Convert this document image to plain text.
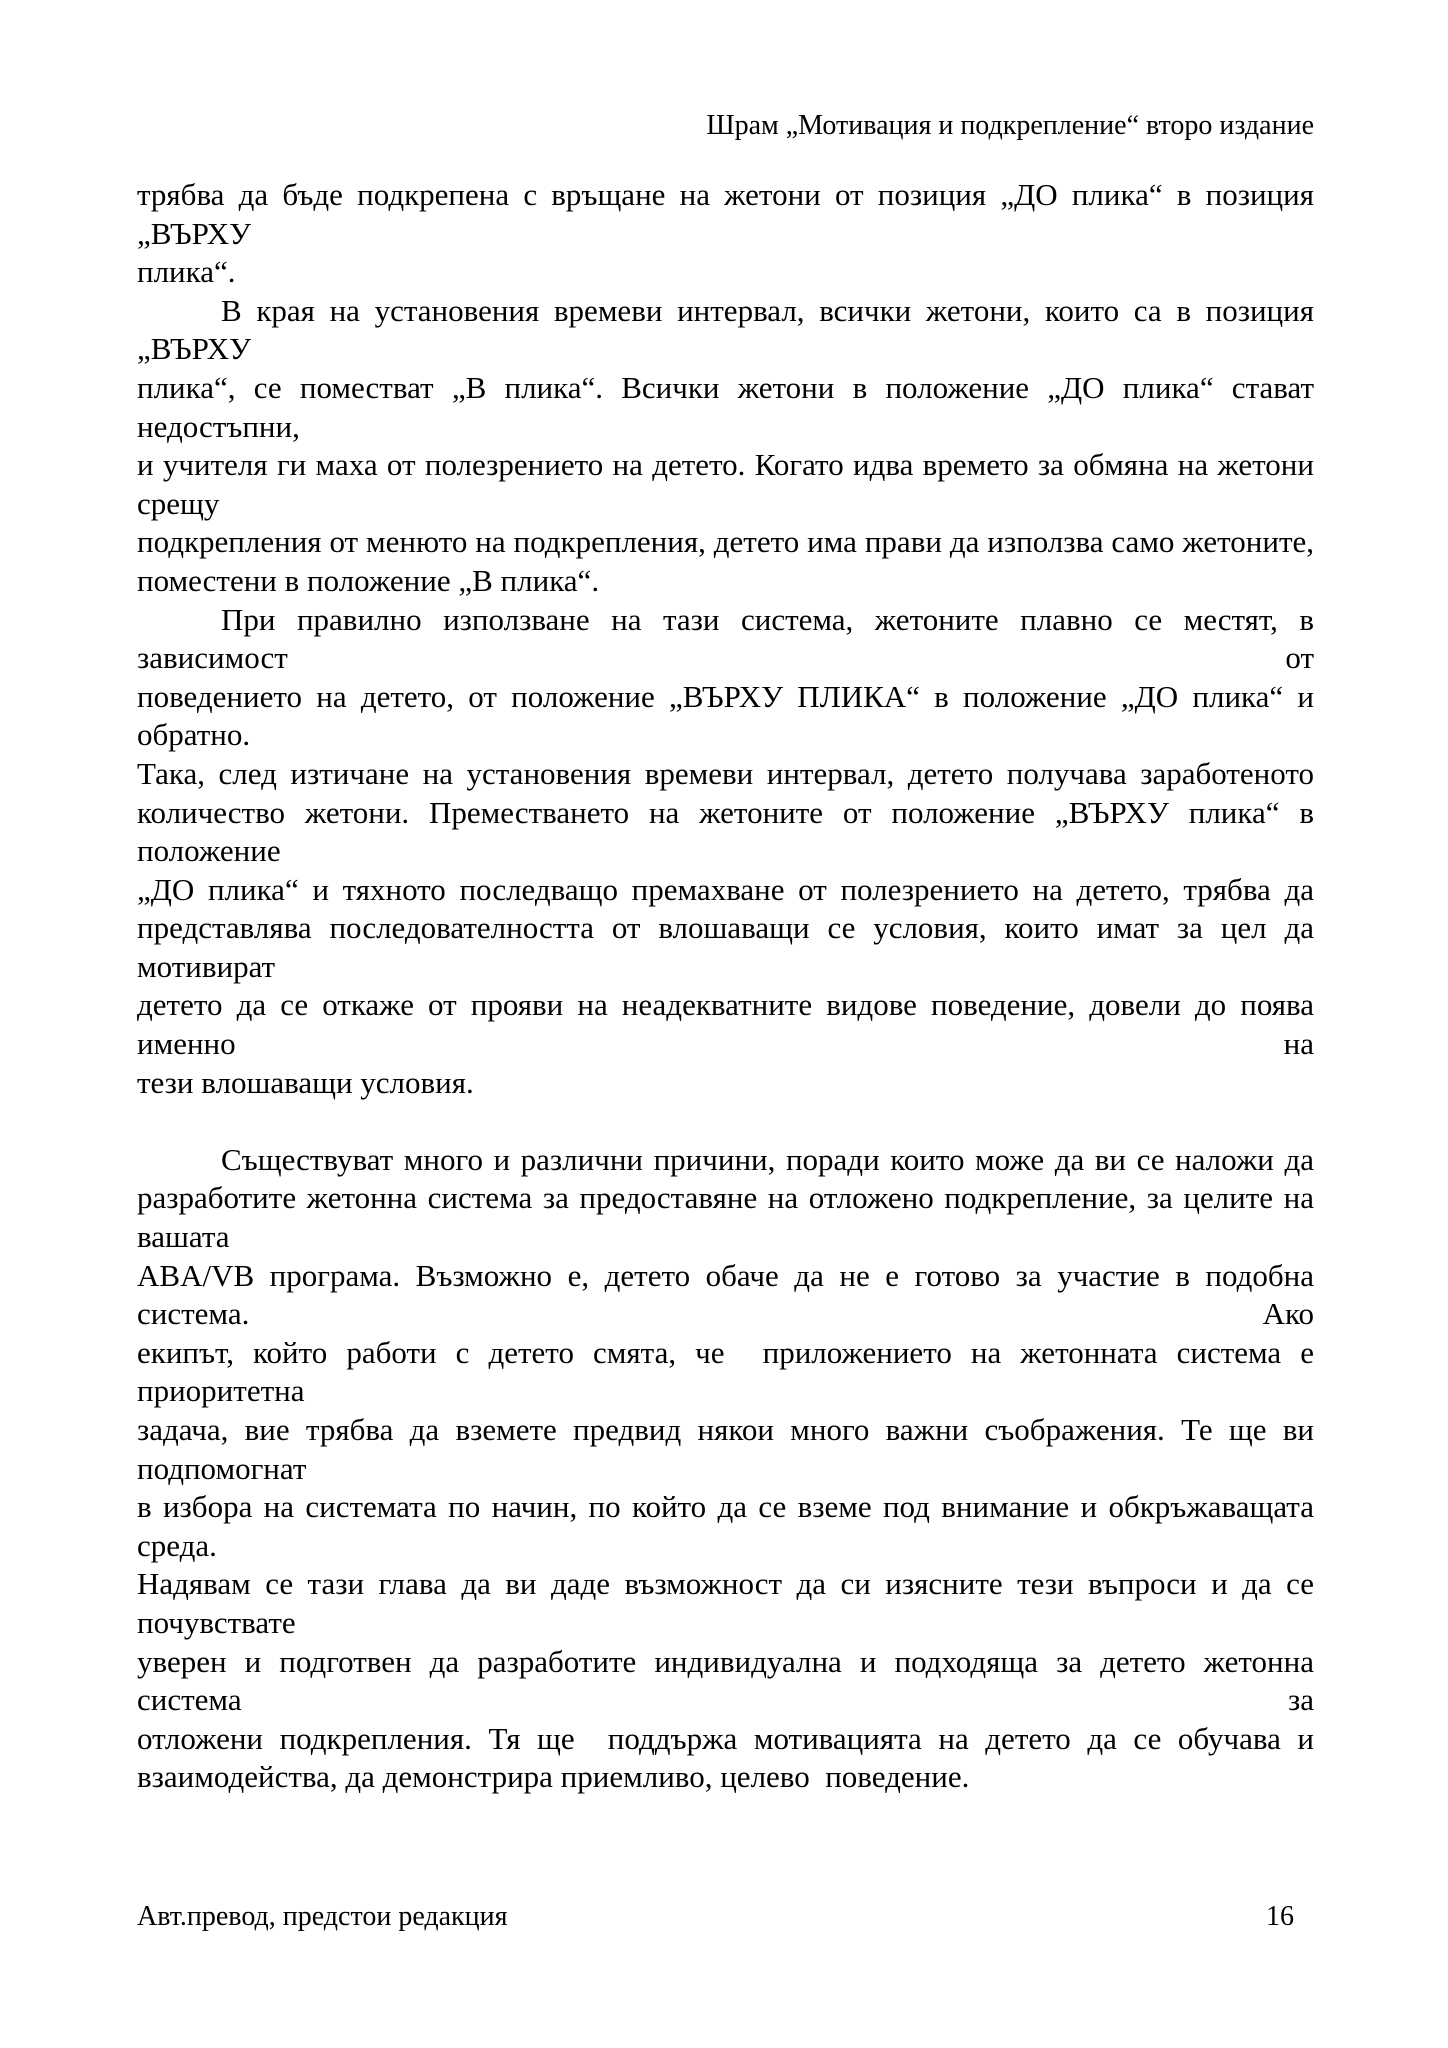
Шрам „Мотивация и подкрепление“ второ издание
трябва да бъде подкрепена с връщане на жетони от позиция „ДО плика“ в позиция „ВЪРХУ
плика“.
В края на установения времеви интервал, всички жетони, които са в позиция „ВЪРХУ
плика“, се поместват „В плика“. Всички жетони в положение „ДО плика“ стават недостъпни,
и учителя ги маха от полезрението на детето. Когато идва времето за обмяна на жетони срещу
подкрепления от менюто на подкрепления, детето има прави да използва само жетоните,
поместени в положение „В плика“.
При правилно използване на тази система, жетоните плавно се местят, в зависимост от
поведението на детето, от положение „ВЪРХУ ПЛИКА“ в положение „ДО плика“ и обратно.
Така, след изтичане на установения времеви интервал, детето получава заработеното
количество жетони. Преместването на жетоните от положение „ВЪРХУ плика“ в положение
„ДО плика“ и тяхното последващо премахване от полезрението на детето, трябва да
представлява последователността от влошаващи се условия, които имат за цел да мотивират
детето да се откаже от прояви на неадекватните видове поведение, довели до поява именно на
тези влошаващи условия.
Съществуват много и различни причини, поради които може да ви се наложи да
разработите жетонна система за предоставяне на отложено подкрепление, за целите на вашата
ABA/VB програма. Възможно е, детето обаче да не е готово за участие в подобна система. Ако
екипът, който работи с детето смята, че  приложението на жетонната система е приоритетна
задача, вие трябва да вземете предвид някои много важни съображения. Те ще ви подпомогнат
в избора на системата по начин, по който да се вземе под внимание и обкръжаващата среда.
Надявам се тази глава да ви даде възможност да си изясните тези въпроси и да се почувствате
уверен и подготвен да разработите индивидуална и подходяща за детето жетонна система за
отложени подкрепления. Тя ще  поддържа мотивацията на детето да се обучава и
взаимодейства, да демонстрира приемливо, целево  поведение.
Авт.превод, предстои редакция	16
